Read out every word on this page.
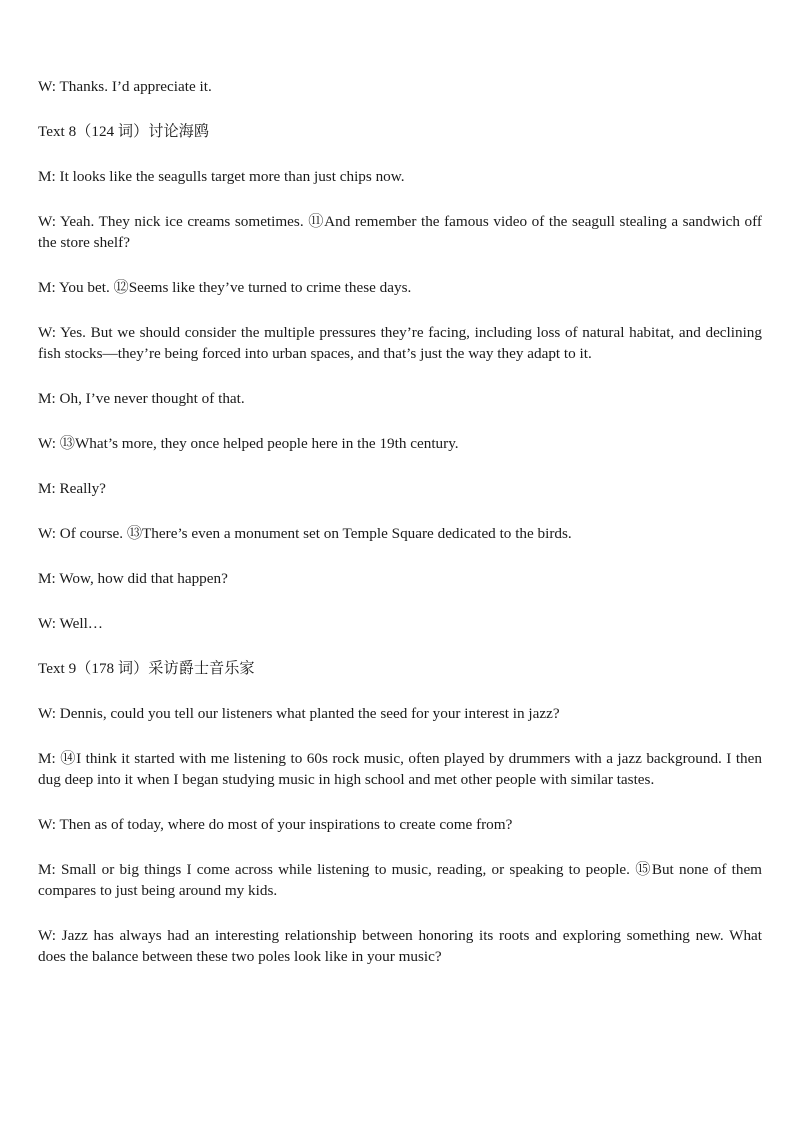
W: Thanks. I’d appreciate it.

Text 8（124 词）讨论海鸥

M: It looks like the seagulls target more than just chips now.

W: Yeah. They nick ice creams sometimes. ⑪And remember the famous video of the seagull stealing a sandwich off the store shelf?

M: You bet. ⑫Seems like they’ve turned to crime these days.

W: Yes. But we should consider the multiple pressures they’re facing, including loss of natural habitat, and declining fish stocks—they’re being forced into urban spaces, and that’s just the way they adapt to it.

M: Oh, I’ve never thought of that.

W: ⑬What’s more, they once helped people here in the 19th century.

M: Really?

W: Of course. ⑬There’s even a monument set on Temple Square dedicated to the birds.

M: Wow, how did that happen?

W: Well…

Text 9（178 词）采访爵士音乐家

W: Dennis, could you tell our listeners what planted the seed for your interest in jazz?

M: ⑭I think it started with me listening to 60s rock music, often played by drummers with a jazz background. I then dug deep into it when I began studying music in high school and met other people with similar tastes.

W: Then as of today, where do most of your inspirations to create come from?

M: Small or big things I come across while listening to music, reading, or speaking to people. ⑮But none of them compares to just being around my kids.

W: Jazz has always had an interesting relationship between honoring its roots and exploring something new. What does the balance between these two poles look like in your music?
